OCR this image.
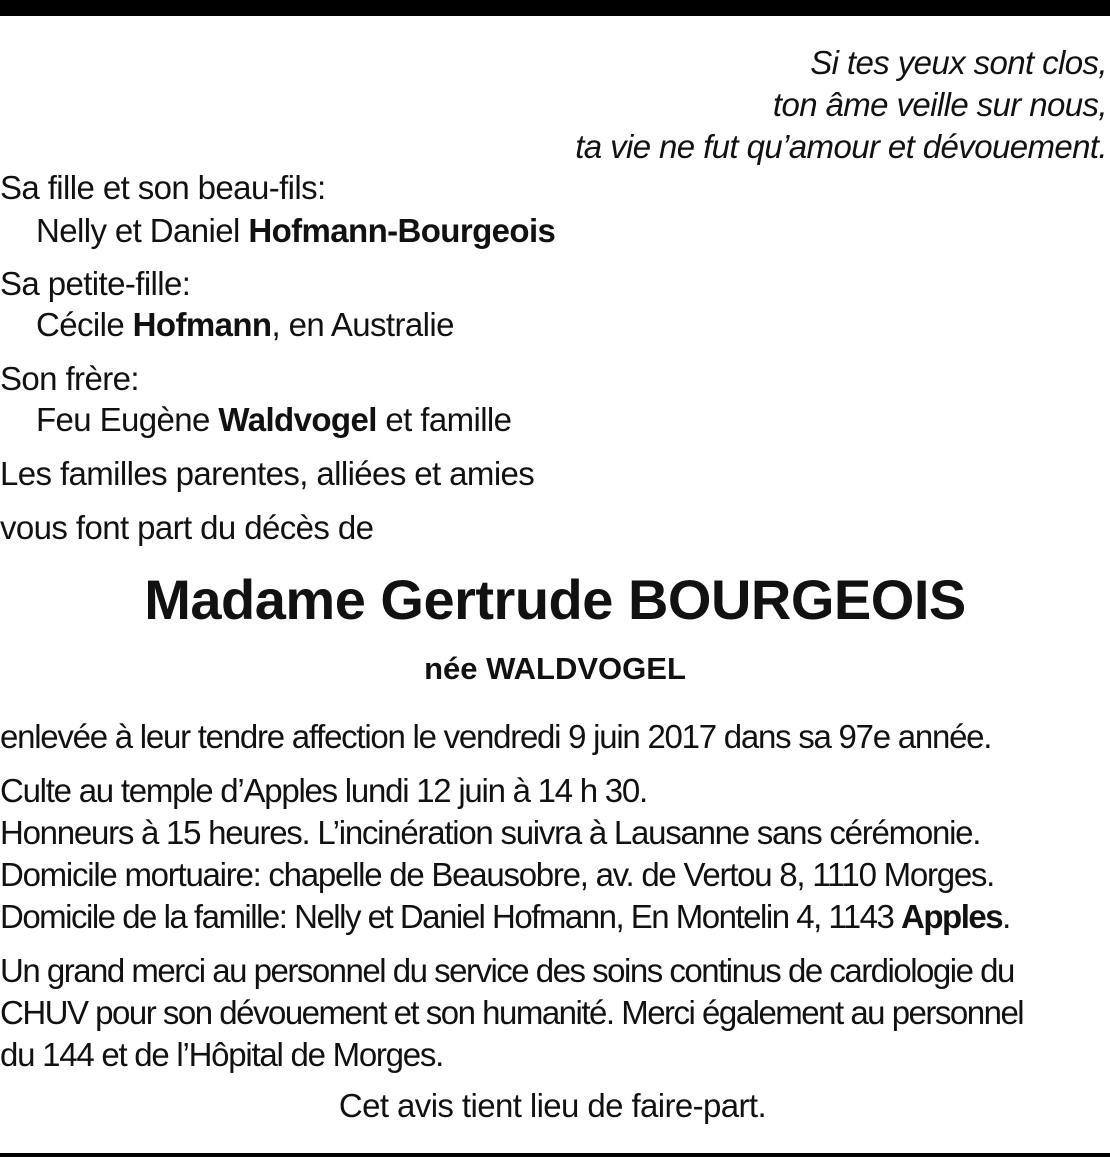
Si tes yeux sont clos,
ton âme veille sur nous,
ta vie ne fut qu’amour et dévouement.
Sa fille et son beau-fils:
Nelly et Daniel Hofmann-Bourgeois
Sa petite-fille:
Cécile Hofmann, en Australie
Son frère:
Feu Eugène Waldvogel et famille
Les familles parentes, alliées et amies
vous font part du décès de
Madame Gertrude BOURGEOIS
née WALDVOGEL
enlevée à leur tendre affection le vendredi 9 juin 2017 dans sa 97e année.
Culte au temple d’Apples lundi 12 juin à 14 h 30.
Honneurs à 15 heures. L’incinération suivra à Lausanne sans cérémonie.
Domicile mortuaire: chapelle de Beausobre, av. de Vertou 8, 1110 Morges.
Domicile de la famille: Nelly et Daniel Hofmann, En Montelin 4, 1143 Apples.
Un grand merci au personnel du service des soins continus de cardiologie du
CHUV pour son dévouement et son humanité. Merci également au personnel
du 144 et de l’Hôpital de Morges.
Cet avis tient lieu de faire-part.
